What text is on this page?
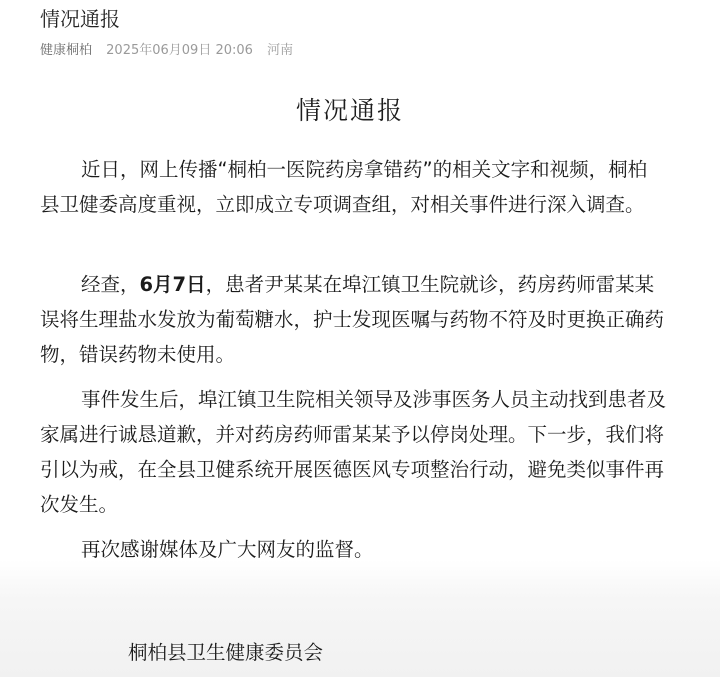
情况通报
健康桐柏 2025年06月09日 20:06 河南
情况通报

近日，网上传播“桐柏一医院药房拿错药”的相关文字和视频，桐柏县卫健委高度重视，立即成立专项调查组，对相关事件进行深入调查。

经查，6月7日，患者尹某某在埠江镇卫生院就诊，药房药师雷某某误将生理盐水发放为葡萄糖水，护士发现医嘱与药物不符及时更换正确药物，错误药物未使用。

事件发生后，埠江镇卫生院相关领导及涉事医务人员主动找到患者及家属进行诚恳道歉，并对药房药师雷某某予以停岗处理。下一步，我们将引以为戒，在全县卫健系统开展医德医风专项整治行动，避免类似事件再次发生。

再次感谢媒体及广大网友的监督。

桐柏县卫生健康委员会
